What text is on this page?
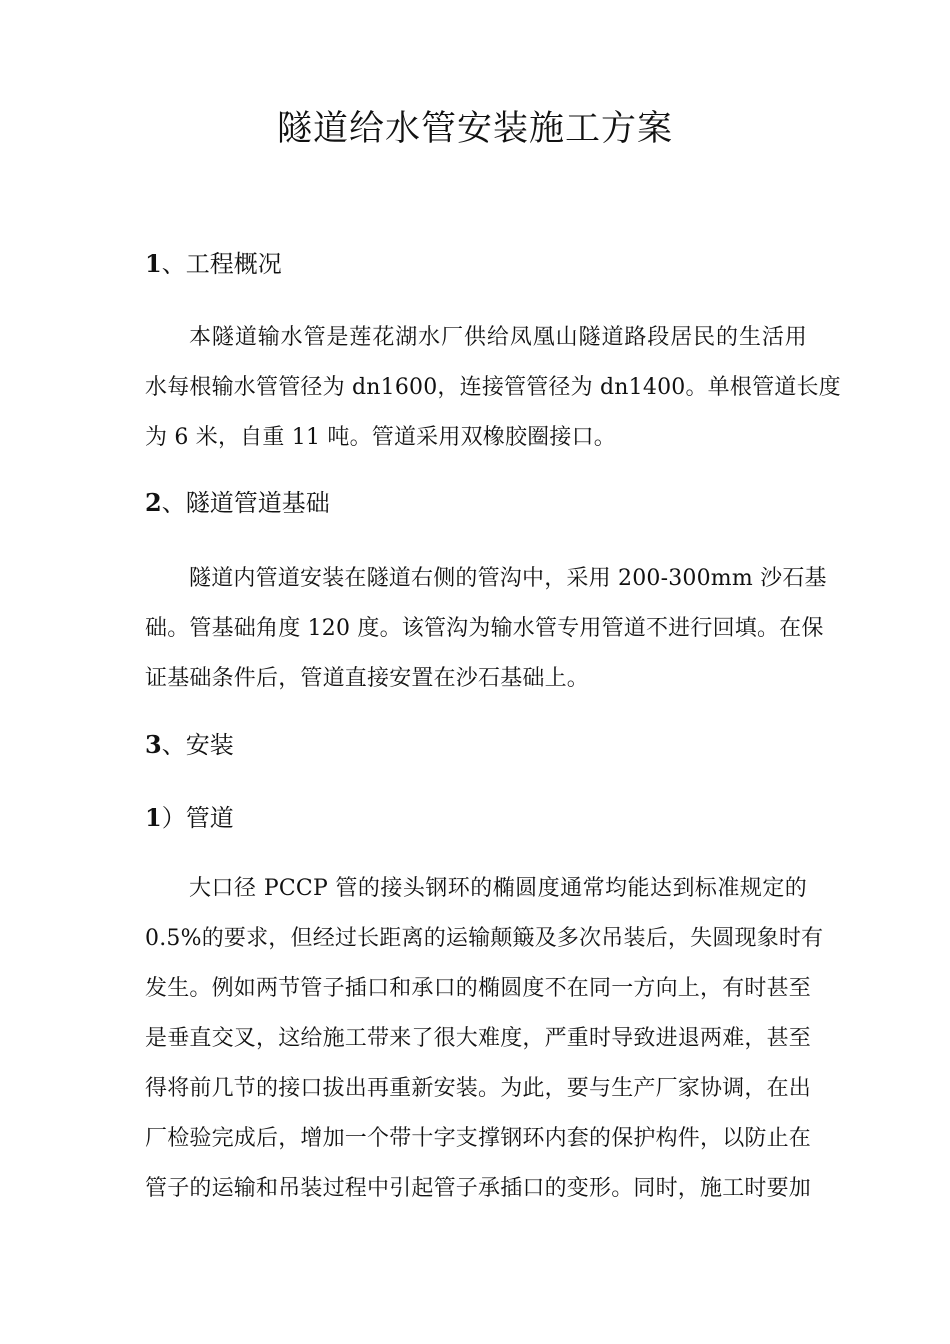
隧道给水管安装施工方案
1、工程概况

本隧道输水管是莲花湖水厂供给凤凰山隧道路段居民的生活用
水每根输水管管径为 dn1600，连接管管径为 dn1400。单根管道长度
为 6 米，自重 11 吨。管道采用双橡胶圈接口。

2、隧道管道基础

隧道内管道安装在隧道右侧的管沟中，采用 200-300mm 沙石基
础。管基础角度 120 度。该管沟为输水管专用管道不进行回填。在保
证基础条件后，管道直接安置在沙石基础上。

3、安装
1）管道

大口径 PCCP 管的接头钢环的椭圆度通常均能达到标准规定的
0.5%的要求，但经过长距离的运输颠簸及多次吊装后，失圆现象时有
发生。例如两节管子插口和承口的椭圆度不在同一方向上，有时甚至
是垂直交叉，这给施工带来了很大难度，严重时导致进退两难，甚至
得将前几节的接口拔出再重新安装。为此，要与生产厂家协调，在出
厂检验完成后，增加一个带十字支撑钢环内套的保护构件，以防止在
管子的运输和吊装过程中引起管子承插口的变形。同时，施工时要加
